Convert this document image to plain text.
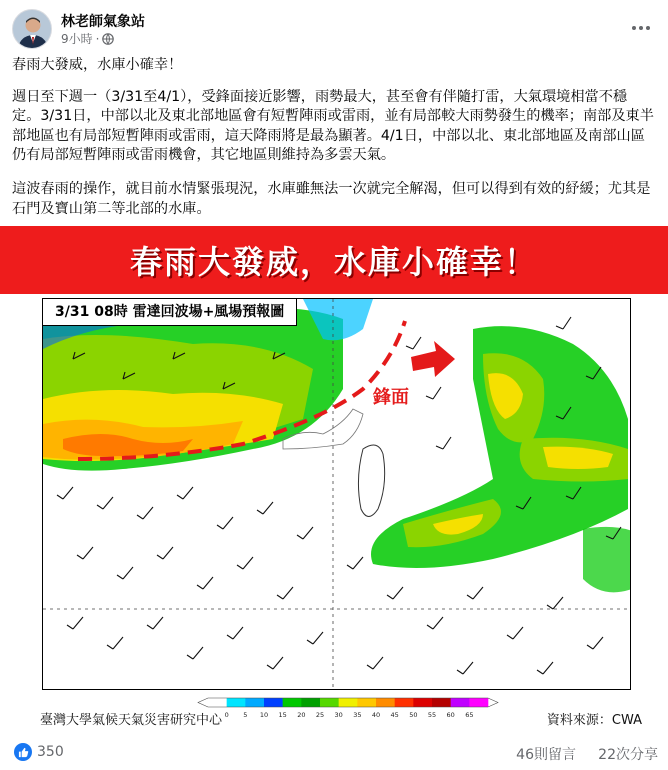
林老師氣象站
9小時 ·

春雨大發威，水庫小確幸！

週日至下週一（3/31至4/1），受鋒面接近影響，雨勢最大，甚至會有伴隨打雷，大氣環境相當不穩定。3/31日，中部以北及東北部地區會有短暫陣雨或雷雨，並有局部較大雨勢發生的機率；南部及東半部地區也有局部短暫陣雨或雷雨，這天降雨將是最為顯著。4/1日，中部以北、東北部地區及南部山區仍有局部短暫陣雨或雷雨機會，其它地區則維持為多雲天氣。

這波春雨的操作，就目前水情緊張現況，水庫雖無法一次就完全解渴，但可以得到有效的紓緩；尤其是石門及寶山第二等北部的水庫。

春雨大發威，水庫小確幸！
3/31 08時 雷達回波場+風場預報圖
鋒面
0 5 10 15 20 25 30 35 40 45 50 55 60 65
臺灣大學氣候天氣災害研究中心	資料來源：CWA
350	46則留言 22次分享
